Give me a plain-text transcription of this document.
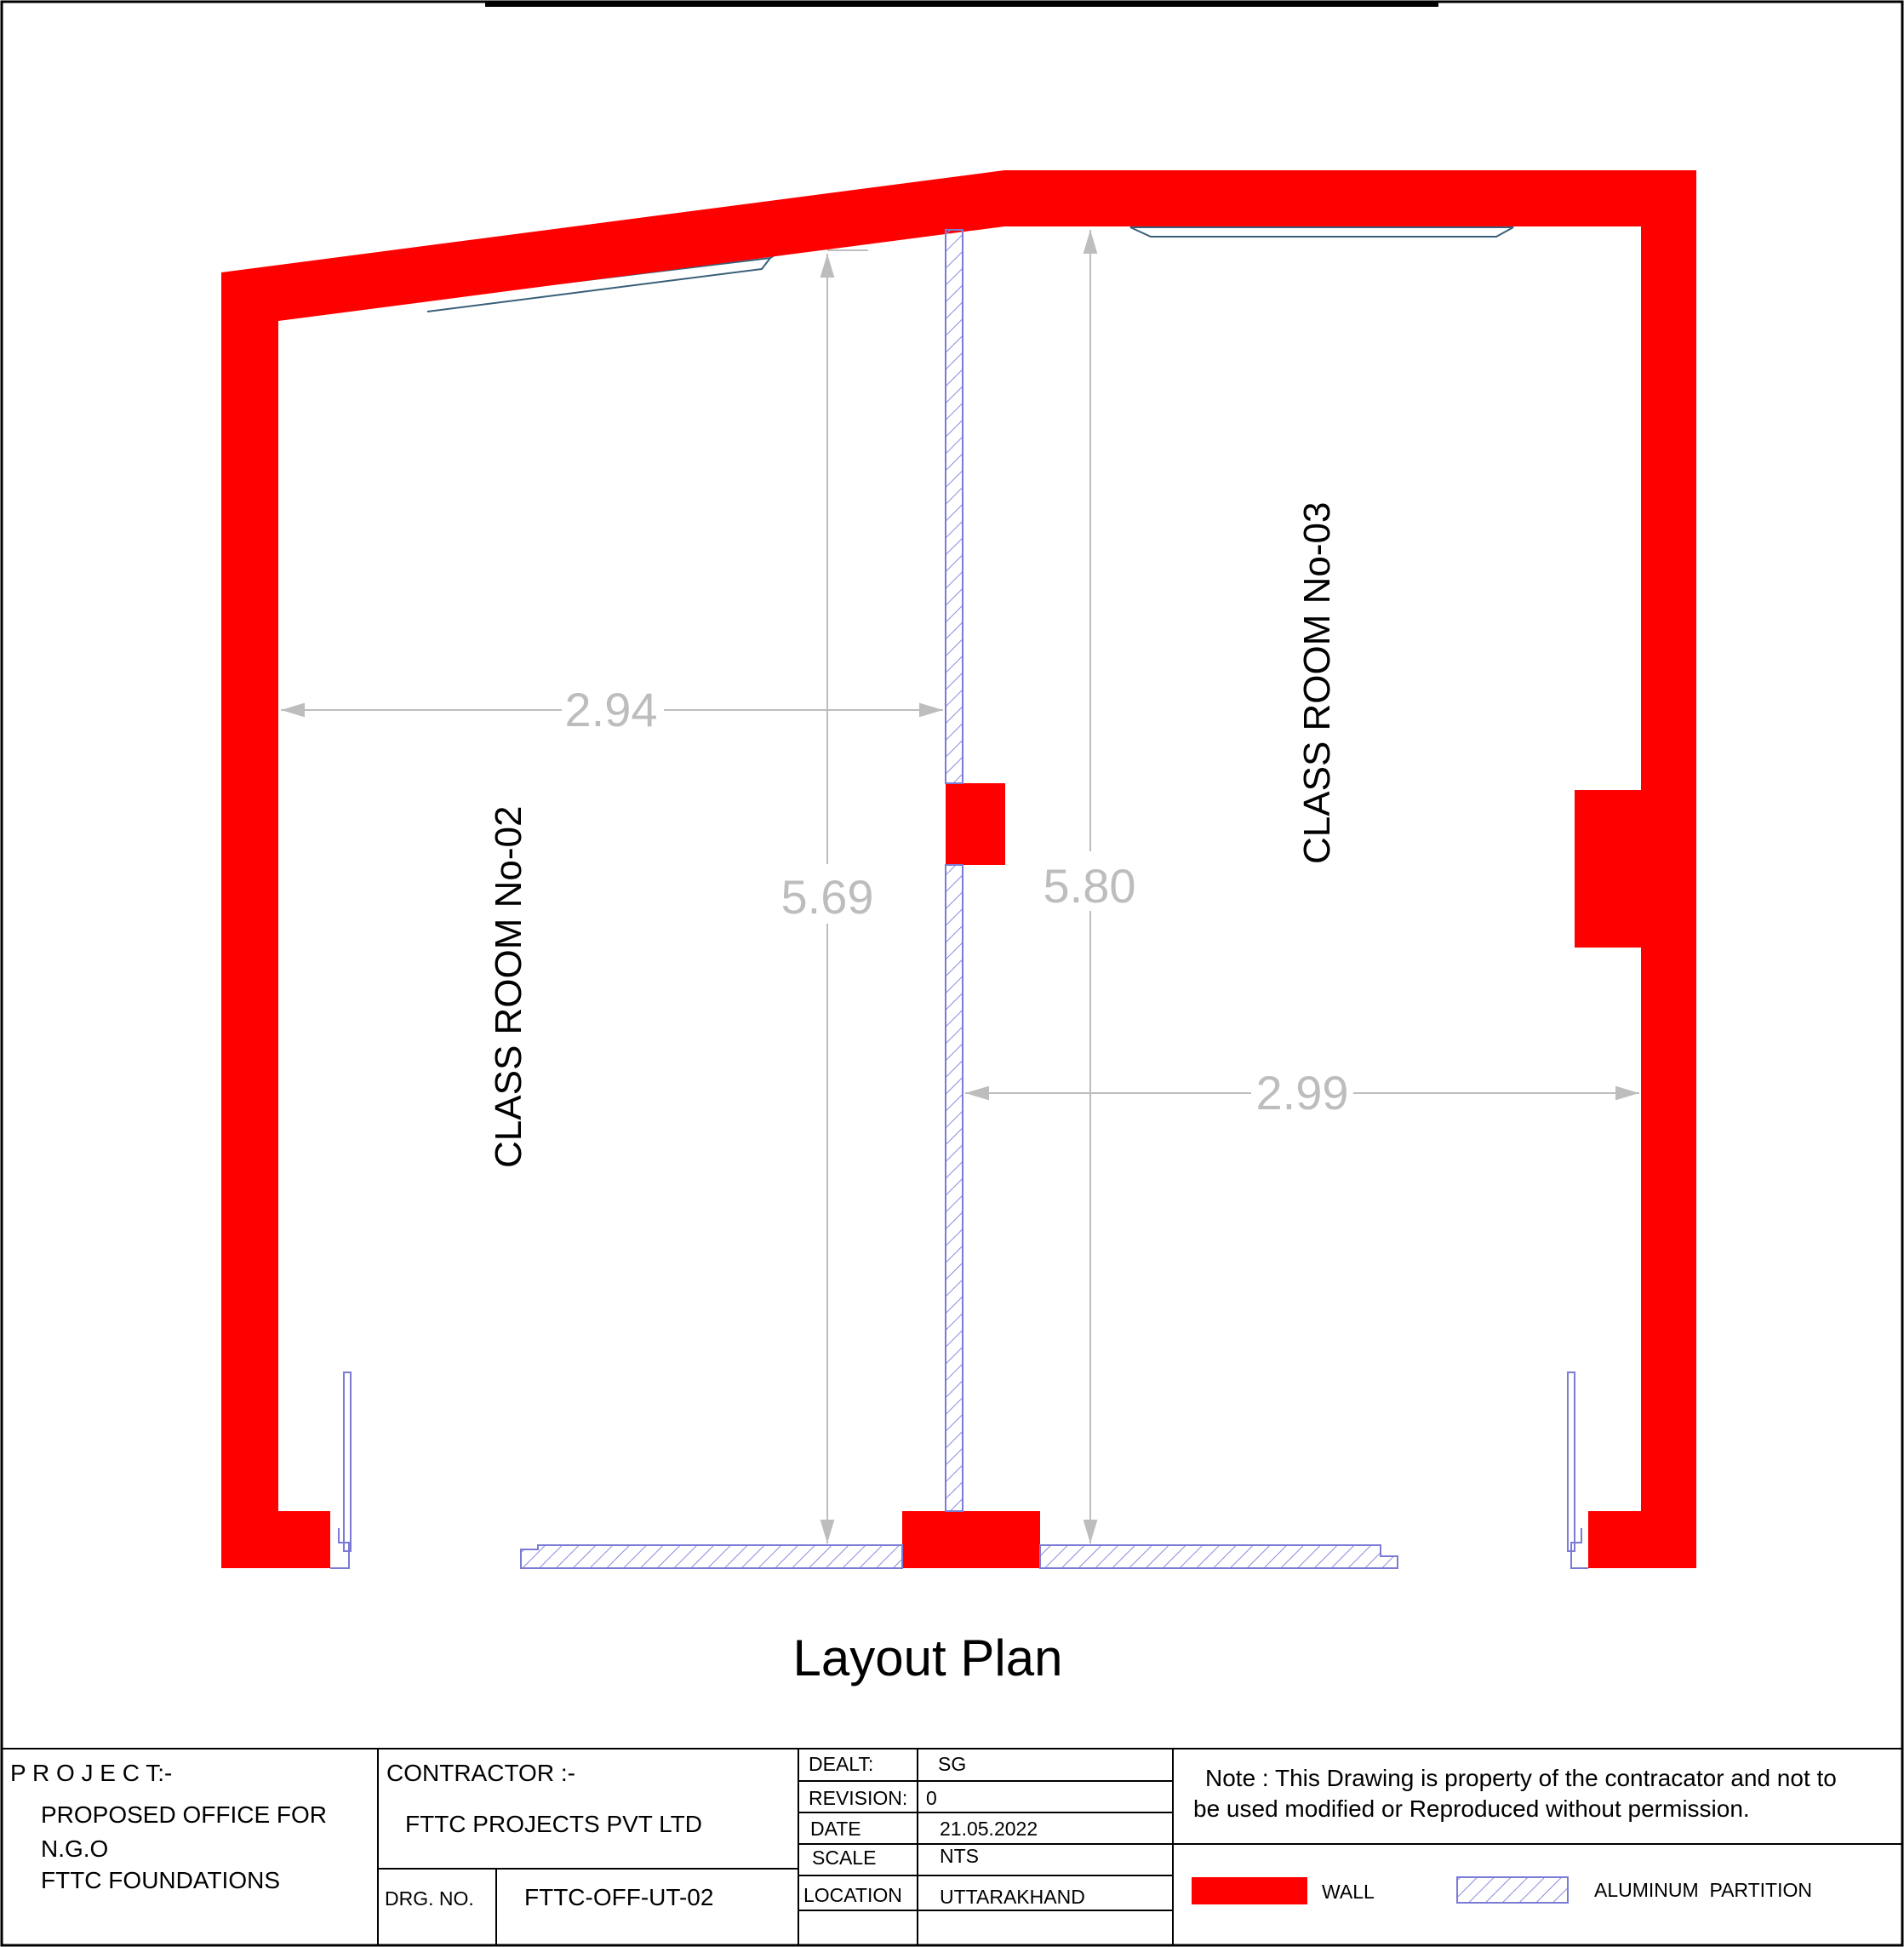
2.94
5.69	5.80
2.99
CLASS ROOM No-02
CLASS ROOM No-03
Layout Plan
P R O J E C T:-
PROPOSED OFFICE FOR
N.G.O
FTTC FOUNDATIONS
CONTRACTOR :-
FTTC PROJECTS PVT LTD
DRG. NO. FTTC-OFF-UT-02
DEALT:	SG
REVISION: 0
DATE	21.05.2022
SCALE	NTS
LOCATION UTTARAKHAND
Note : This Drawing is property of the contracator and not to
be used modified or Reproduced without permission.
WALL	ALUMINUM  PARTITION
